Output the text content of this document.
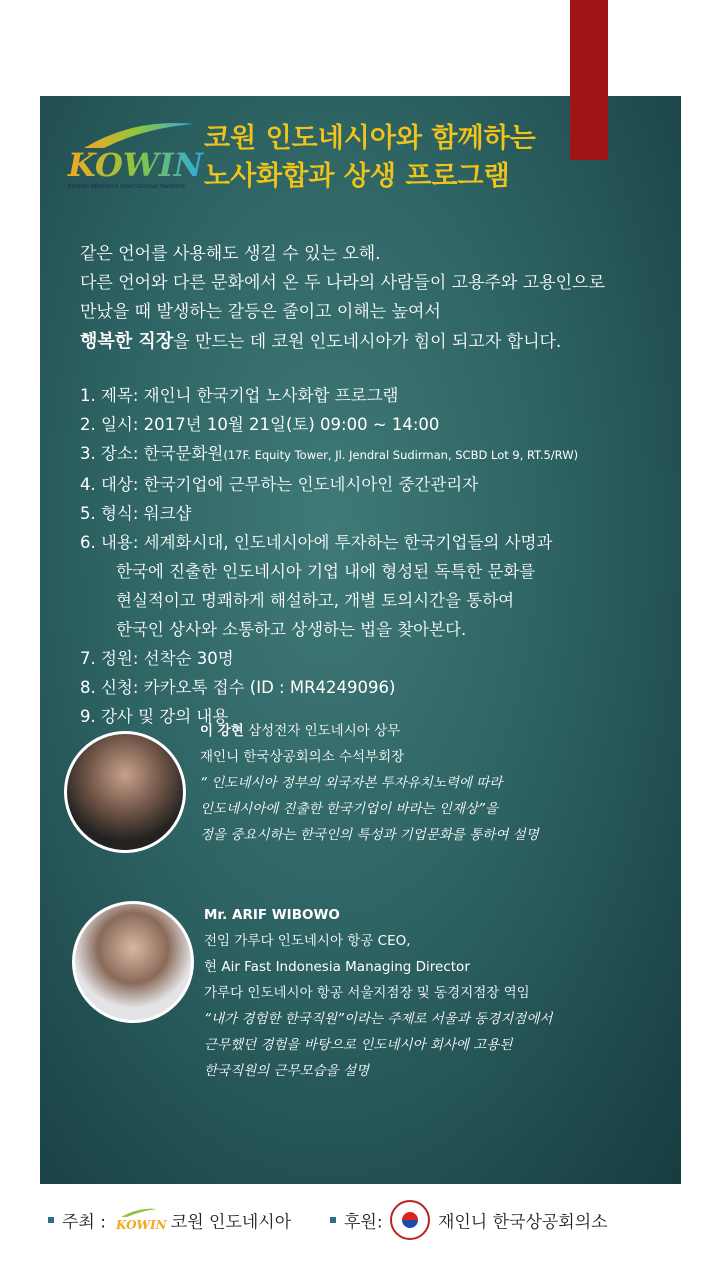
KOWIN
Korean Women's International Network
코원 인도네시아와 함께하는
노사화합과 상생 프로그램
같은 언어를 사용해도 생길 수 있는 오해.
다른 언어와 다른 문화에서 온 두 나라의 사람들이 고용주와 고용인으로
만났을 때 발생하는 갈등은 줄이고 이해는 높여서
행복한 직장을 만드는 데 코원 인도네시아가 힘이 되고자 합니다.
1. 제목: 재인니 한국기업 노사화합 프로그램
2. 일시: 2017년 10월 21일(토) 09:00 ~ 14:00
3. 장소: 한국문화원(17F. Equity Tower, Jl. Jendral Sudirman, SCBD Lot 9, RT.5/RW)
4. 대상: 한국기업에 근무하는 인도네시아인 중간관리자
5. 형식: 워크샵
6. 내용: 세계화시대, 인도네시아에 투자하는 한국기업들의 사명과
한국에 진출한 인도네시아 기업 내에 형성된 독특한 문화를
현실적이고 명쾌하게 해설하고, 개별 토의시간을 통하여
한국인 상사와 소통하고 상생하는 법을 찾아본다.
7. 정원: 선착순 30명
8. 신청: 카카오톡 접수 (ID : MR4249096)
9. 강사 및 강의 내용
이 강현 삼성전자 인도네시아 상무
재인니 한국상공회의소 수석부회장
“ 인도네시아 정부의 외국자본 투자유치노력에 따라
인도네시아에 진출한 한국기업이 바라는 인재상”을
정을 중요시하는 한국인의 특성과 기업문화를 통하여 설명
Mr. ARIF WIBOWO
전임 가루다 인도네시아 항공 CEO,
현 Air Fast Indonesia Managing Director
가루다 인도네시아 항공 서울지점장 및 동경지점장 역임
“내가 경험한 한국직원”이라는 주제로 서울과 동경지점에서
근무했던 경험을 바탕으로 인도네시아 회사에 고용된
한국직원의 근무모습을 설명
주최 : KOWIN 코원 인도네시아	후원:	재인니 한국상공회의소
